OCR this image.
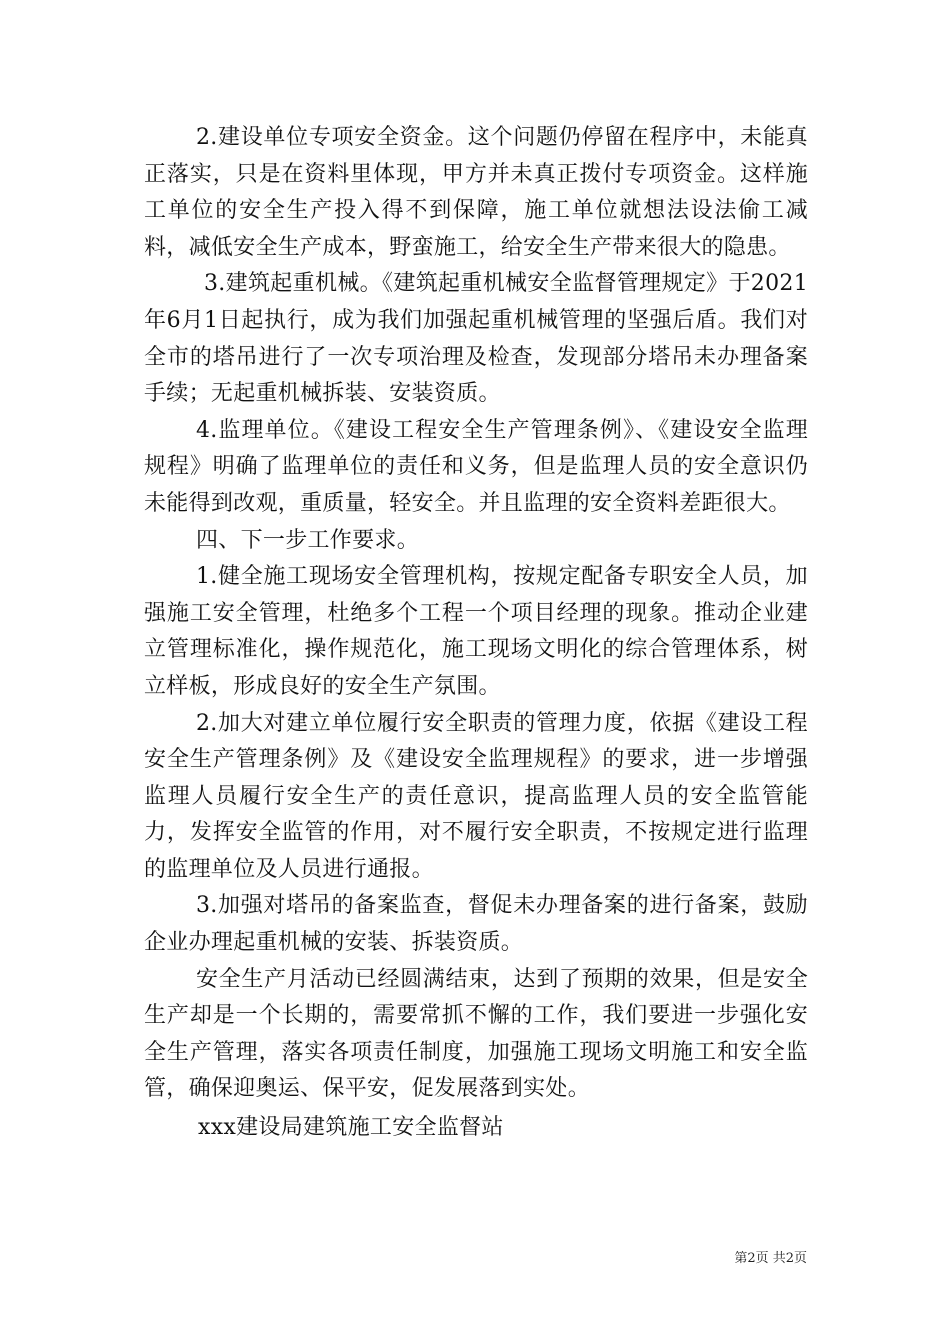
2.建设单位专项安全资金。这个问题仍停留在程序中，未能真正落实，只是在资料里体现，甲方并未真正拨付专项资金。这样施工单位的安全生产投入得不到保障，施工单位就想法设法偷工减料，减低安全生产成本，野蛮施工，给安全生产带来很大的隐患。

3.建筑起重机械。《建筑起重机械安全监督管理规定》于2021年6月1日起执行，成为我们加强起重机械管理的坚强后盾。我们对全市的塔吊进行了一次专项治理及检查，发现部分塔吊未办理备案手续；无起重机械拆装、安装资质。

4.监理单位。《建设工程安全生产管理条例》、《建设安全监理规程》明确了监理单位的责任和义务，但是监理人员的安全意识仍未能得到改观，重质量，轻安全。并且监理的安全资料差距很大。

四、下一步工作要求。

1.健全施工现场安全管理机构，按规定配备专职安全人员，加强施工安全管理，杜绝多个工程一个项目经理的现象。推动企业建立管理标准化，操作规范化，施工现场文明化的综合管理体系，树立样板，形成良好的安全生产氛围。

2.加大对建立单位履行安全职责的管理力度，依据《建设工程安全生产管理条例》及《建设安全监理规程》的要求，进一步增强监理人员履行安全生产的责任意识，提高监理人员的安全监管能力，发挥安全监管的作用，对不履行安全职责，不按规定进行监理的监理单位及人员进行通报。

3.加强对塔吊的备案监查，督促未办理备案的进行备案，鼓励企业办理起重机械的安装、拆装资质。

安全生产月活动已经圆满结束，达到了预期的效果，但是安全生产却是一个长期的，需要常抓不懈的工作，我们要进一步强化安全生产管理，落实各项责任制度，加强施工现场文明施工和安全监管，确保迎奥运、保平安，促发展落到实处。

xxx建设局建筑施工安全监督站

第2页 共2页
